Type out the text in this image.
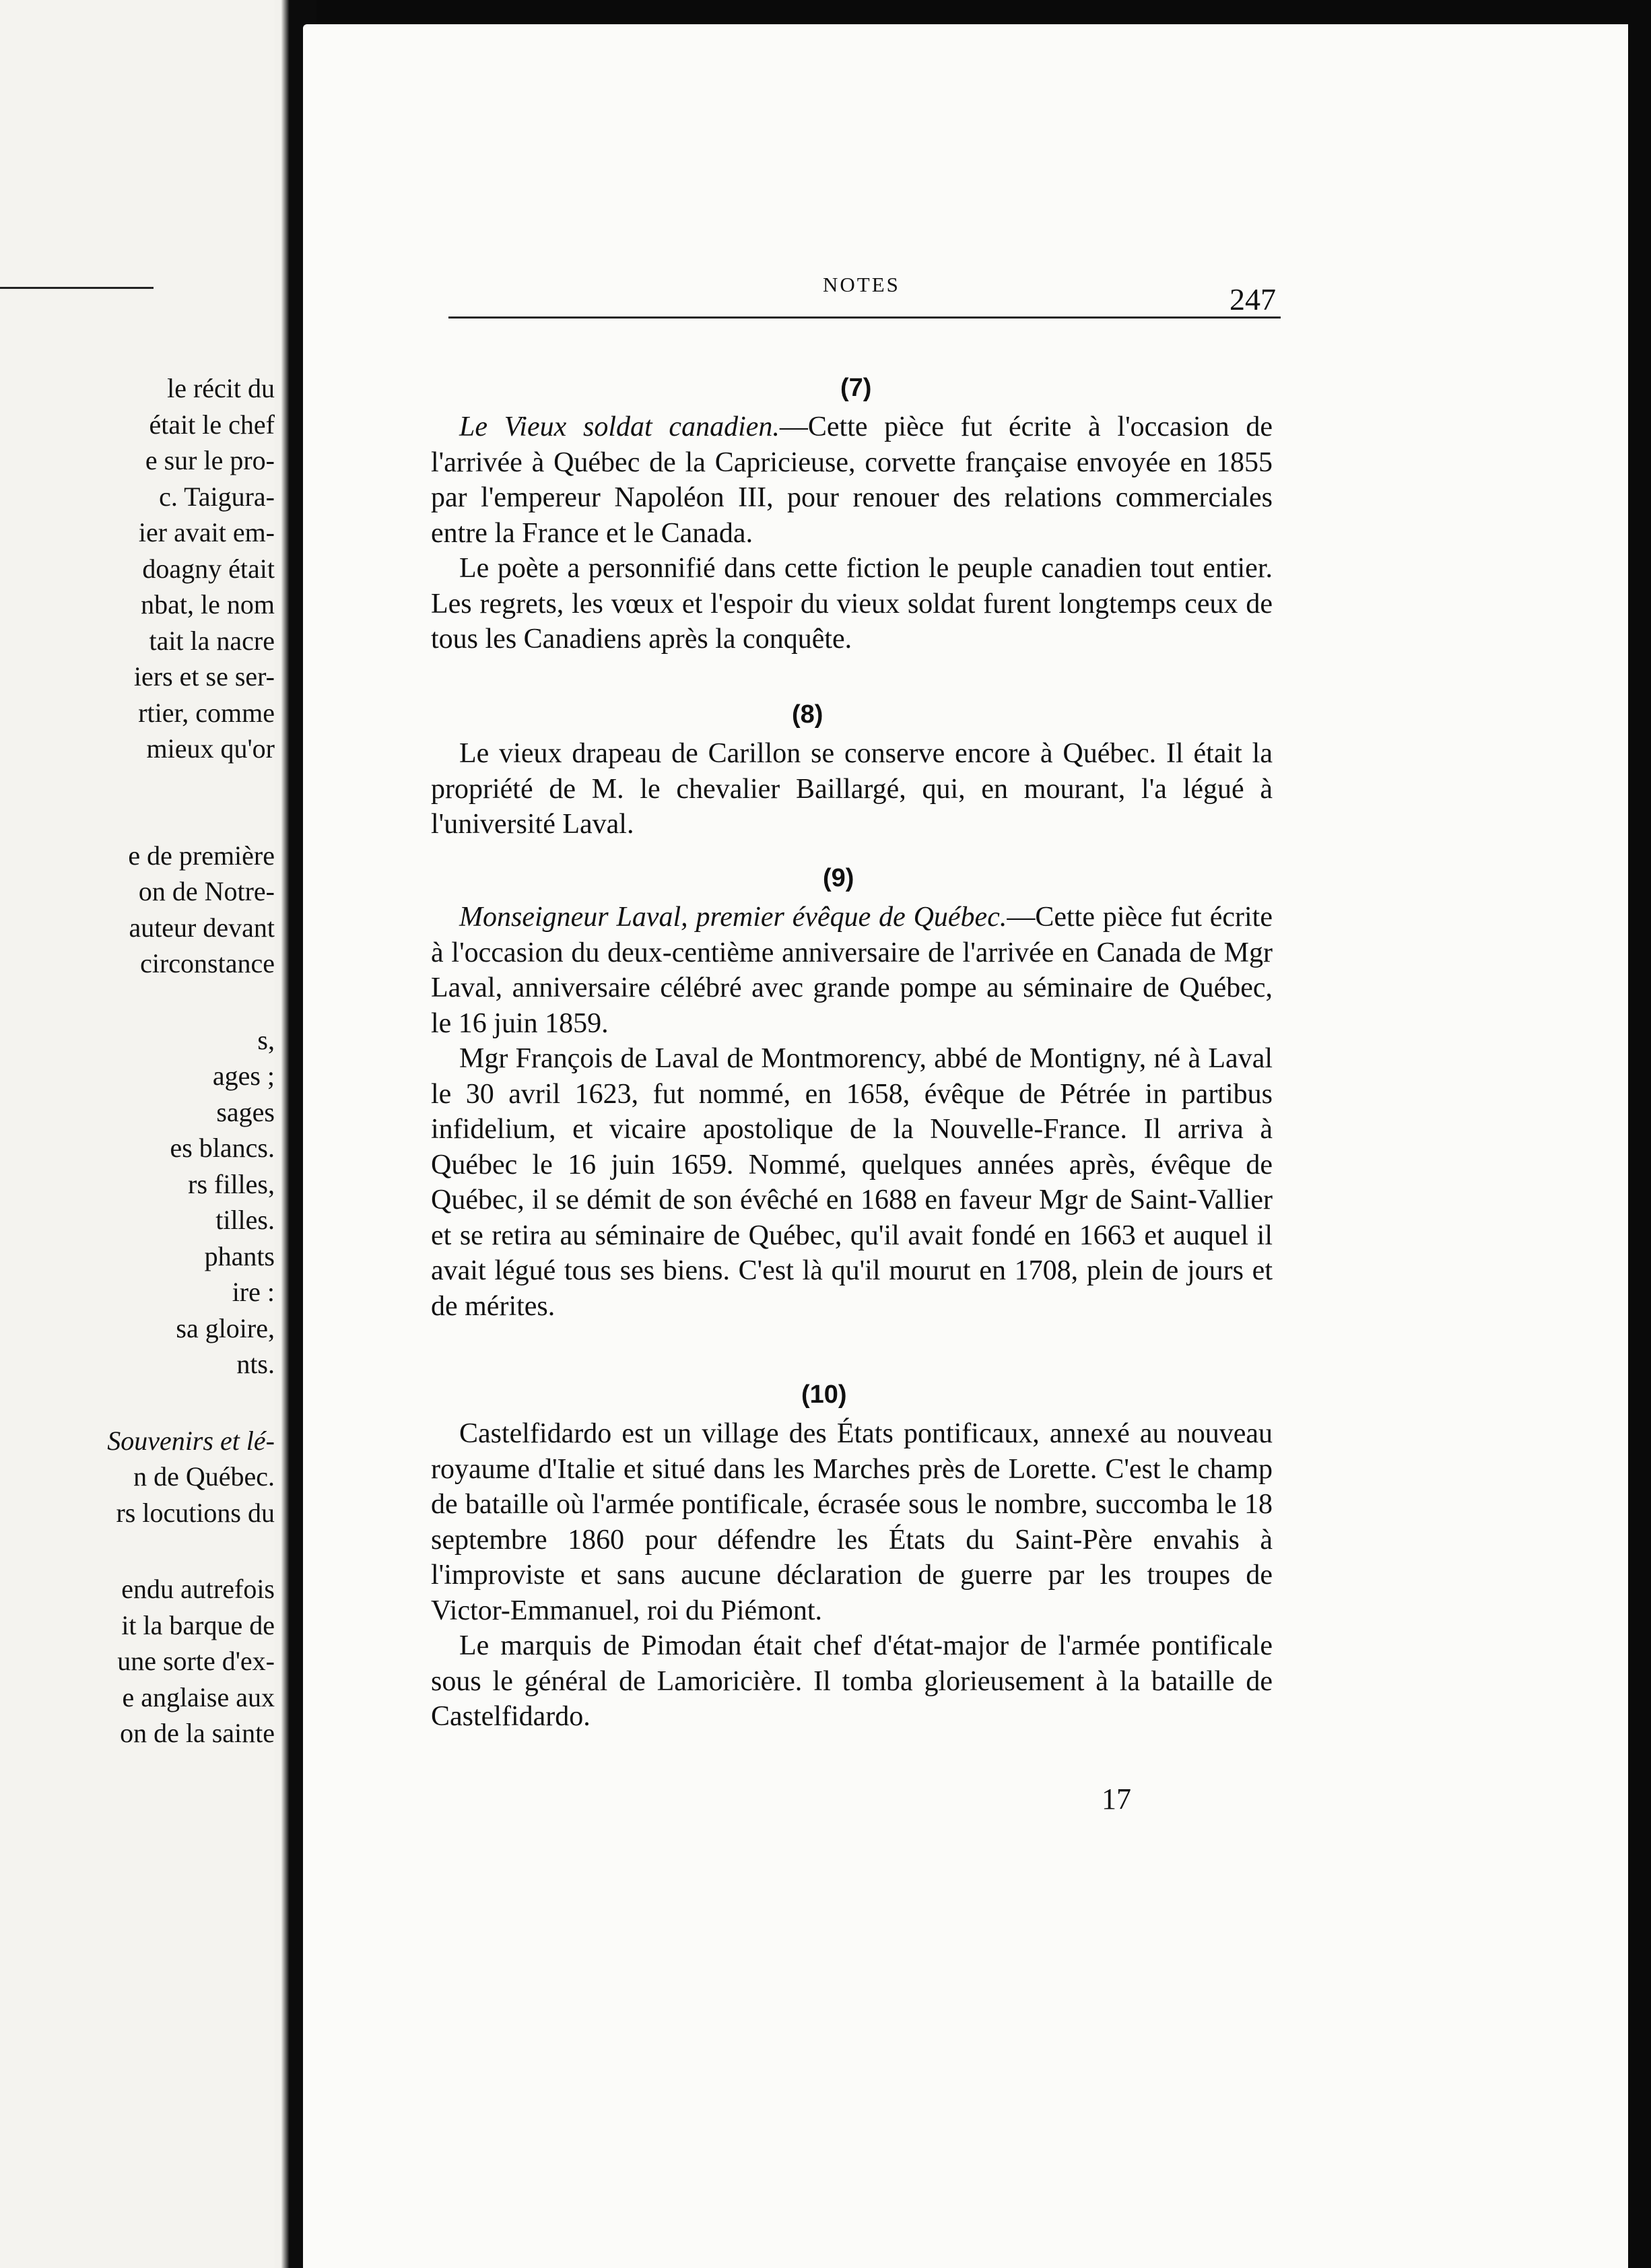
le récit du
était le chef
e sur le pro-
c. Taigura-
ier avait em-
doagny était
nbat, le nom
tait la nacre
iers et se ser-
rtier, comme
mieux qu'or
e de première
on de Notre-
auteur devant
circonstance
s,
ages ;
sages
es blancs.
rs filles,
tilles.
phants
ire :
sa gloire,
nts.
Souvenirs et lé-
n de Québec.
rs locutions du
endu autrefois
it la barque de
une sorte d'ex-
e anglaise aux
on de la sainte
NOTES	247
(7)

Le Vieux soldat canadien.—Cette pièce fut écrite à l'occasion de l'arrivée à Québec de la Capricieuse, corvette française envoyée en 1855 par l'empereur Napoléon III, pour renouer des relations commerciales entre la France et le Canada.

Le poète a personnifié dans cette fiction le peuple canadien tout entier. Les regrets, les vœux et l'espoir du vieux soldat furent longtemps ceux de tous les Canadiens après la conquête.

(8)

Le vieux drapeau de Carillon se conserve encore à Québec. Il était la propriété de M. le chevalier Baillargé, qui, en mourant, l'a légué à l'université Laval.

(9)

Monseigneur Laval, premier évêque de Québec.—Cette pièce fut écrite à l'occasion du deux-centième anniversaire de l'arrivée en Canada de Mgr Laval, anniversaire célébré avec grande pompe au séminaire de Québec, le 16 juin 1859.

Mgr François de Laval de Montmorency, abbé de Montigny, né à Laval le 30 avril 1623, fut nommé, en 1658, évêque de Pétrée in partibus infidelium, et vicaire apostolique de la Nouvelle-France. Il arriva à Québec le 16 juin 1659. Nommé, quelques années après, évêque de Québec, il se démit de son évêché en 1688 en faveur Mgr de Saint-Vallier et se retira au séminaire de Québec, qu'il avait fondé en 1663 et auquel il avait légué tous ses biens. C'est là qu'il mourut en 1708, plein de jours et de mérites.

(10)

Castelfidardo est un village des États pontificaux, annexé au nouveau royaume d'Italie et situé dans les Marches près de Lorette. C'est le champ de bataille où l'armée pontificale, écrasée sous le nombre, succomba le 18 septembre 1860 pour défendre les États du Saint-Père envahis à l'improviste et sans aucune déclaration de guerre par les troupes de Victor-Emmanuel, roi du Piémont.

Le marquis de Pimodan était chef d'état-major de l'armée pontificale sous le général de Lamoricière. Il tomba glorieusement à la bataille de Castelfidardo.

17
